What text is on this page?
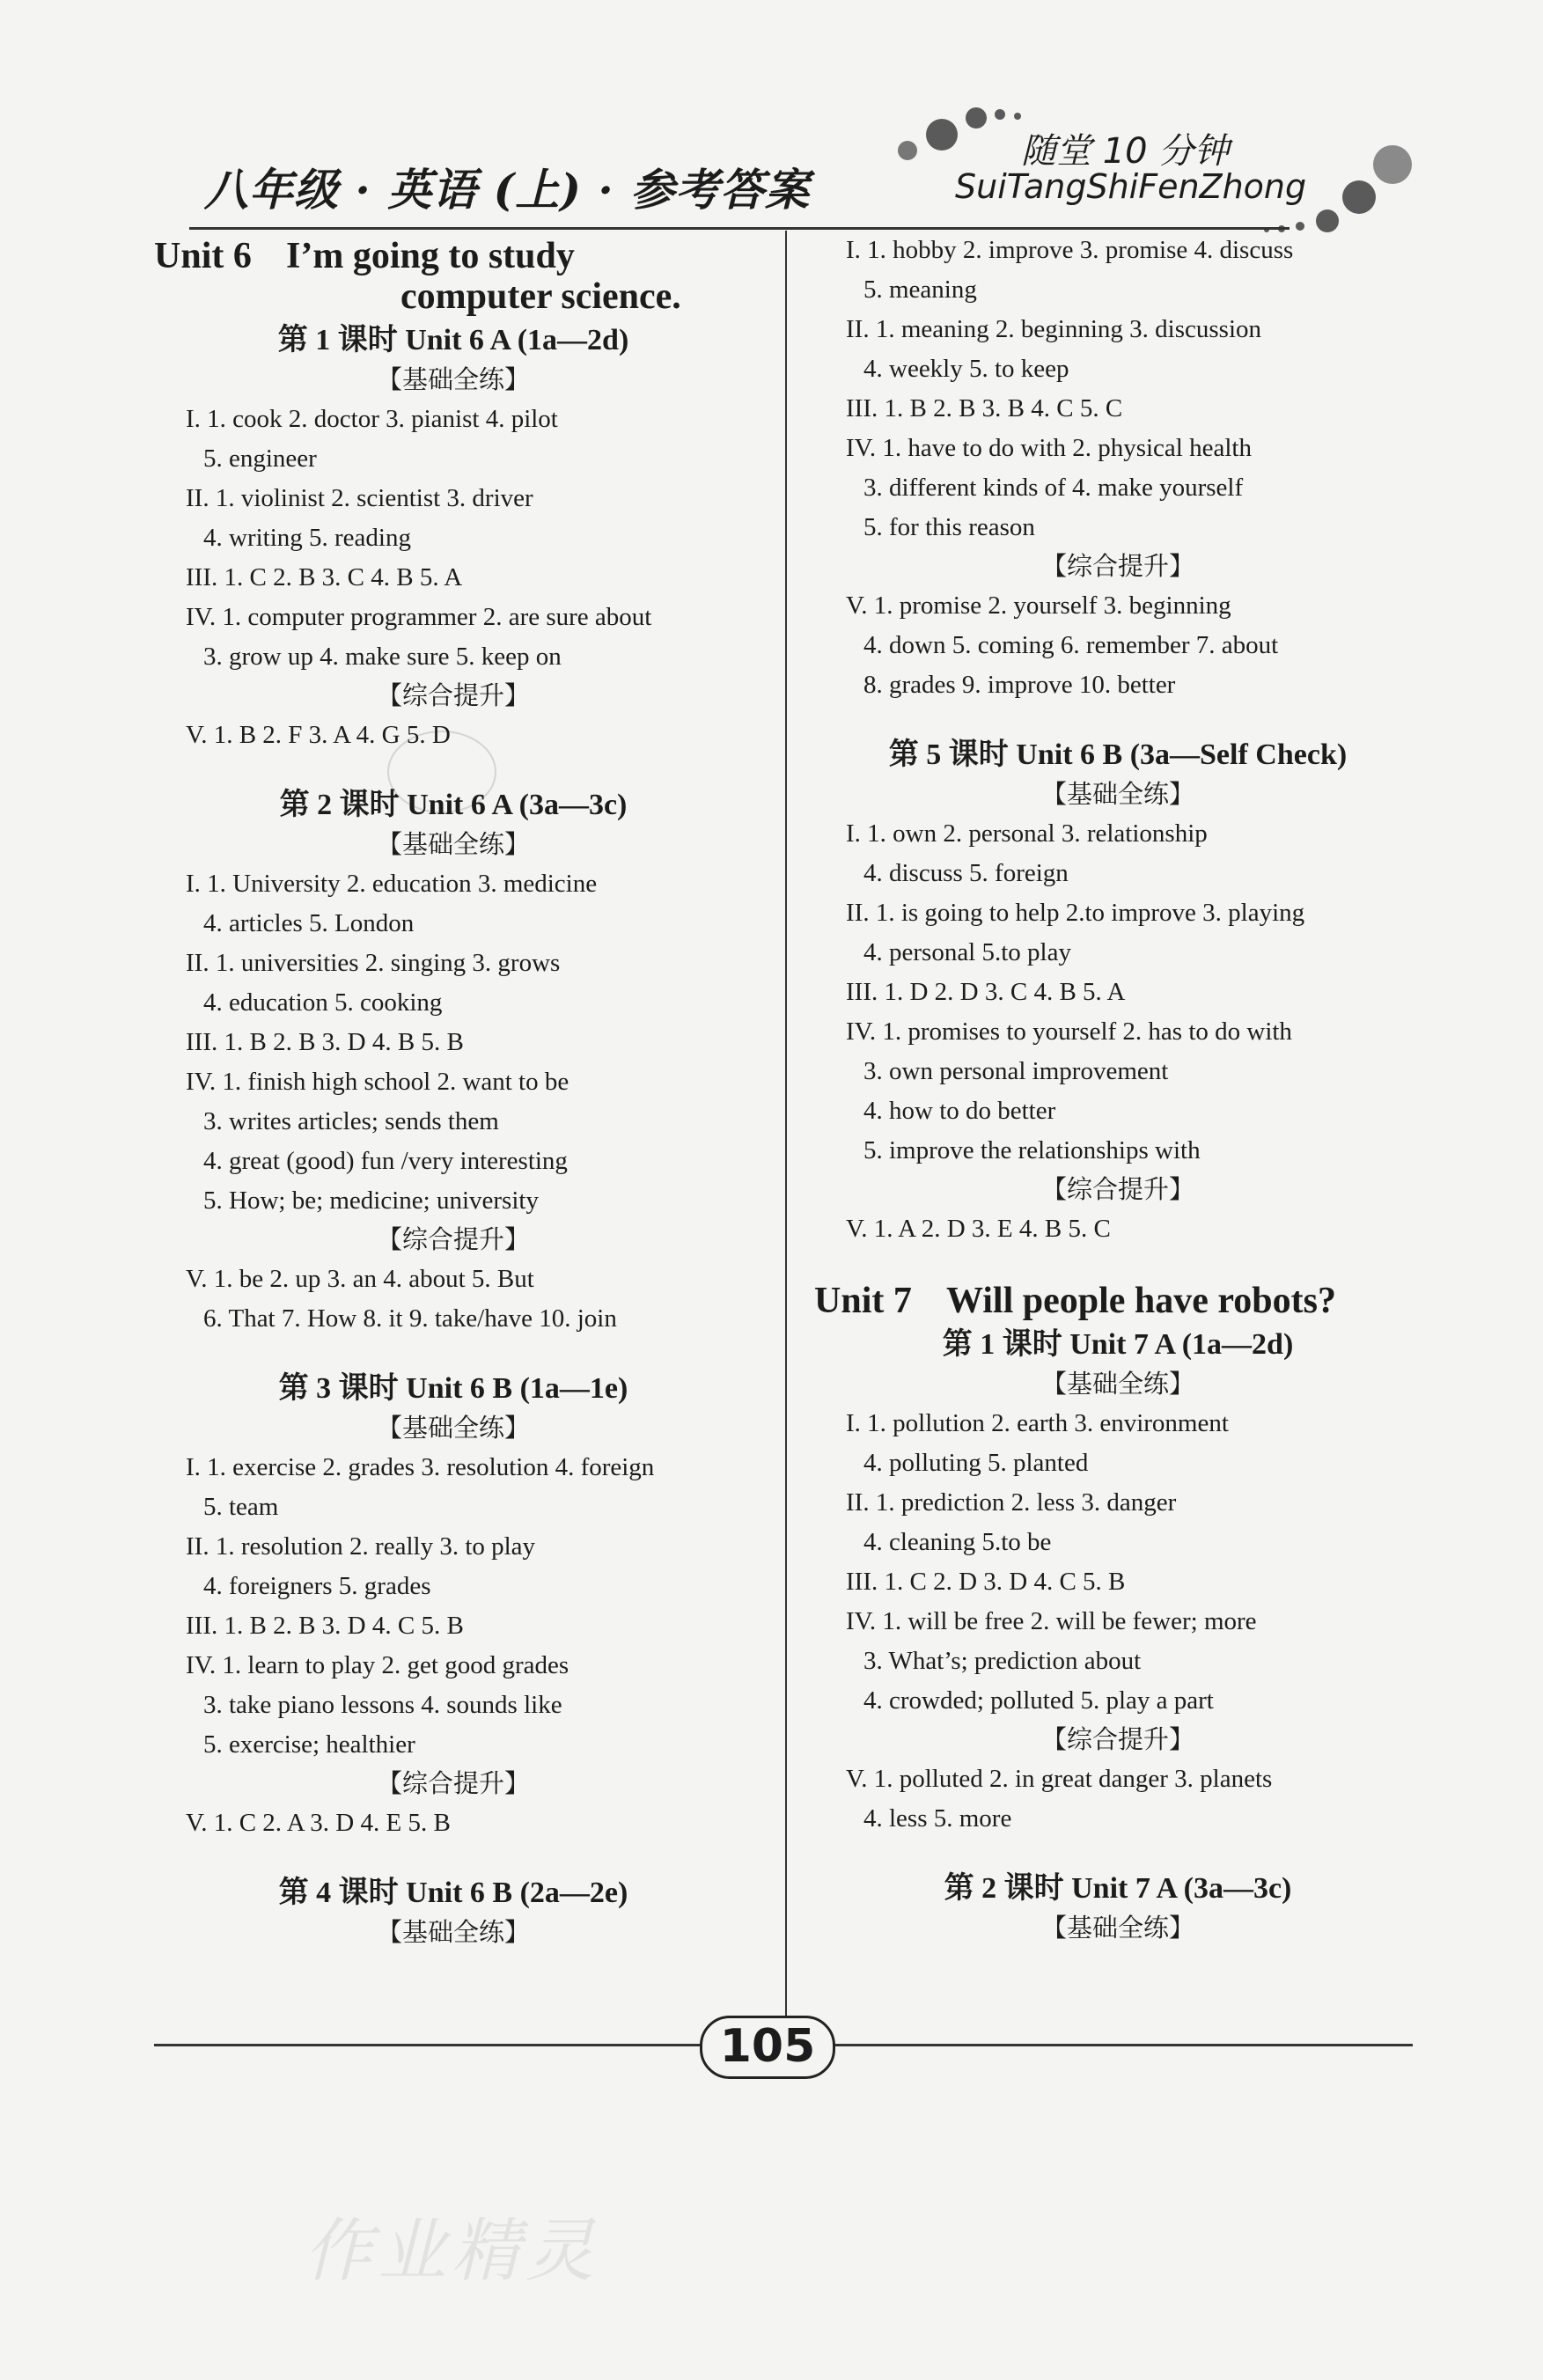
八年级 · 英语 (上) · 参考答案
随堂 10 分钟
SuiTangShiFenZhong
Unit 6 I’m going to study
computer science.
第 1 课时 Unit 6 A (1a—2d)
【基础全练】
I. 1. cook 2. doctor 3. pianist 4. pilot
5. engineer
II. 1. violinist 2. scientist 3. driver
4. writing 5. reading
III. 1. C 2. B 3. C 4. B 5. A
IV. 1. computer programmer 2. are sure about
3. grow up 4. make sure 5. keep on
【综合提升】
V. 1. B 2. F 3. A 4. G 5. D
第 2 课时 Unit 6 A (3a—3c)
【基础全练】
I. 1. University 2. education 3. medicine
4. articles 5. London
II. 1. universities 2. singing 3. grows
4. education 5. cooking
III. 1. B 2. B 3. D 4. B 5. B
IV. 1. finish high school 2. want to be
3. writes articles; sends them
4. great (good) fun /very interesting
5. How; be; medicine; university
【综合提升】
V. 1. be 2. up 3. an 4. about 5. But
6. That 7. How 8. it 9. take/have 10. join
第 3 课时 Unit 6 B (1a—1e)
【基础全练】
I. 1. exercise 2. grades 3. resolution 4. foreign
5. team
II. 1. resolution 2. really 3. to play
4. foreigners 5. grades
III. 1. B 2. B 3. D 4. C 5. B
IV. 1. learn to play 2. get good grades
3. take piano lessons 4. sounds like
5. exercise; healthier
【综合提升】
V. 1. C 2. A 3. D 4. E 5. B
第 4 课时 Unit 6 B (2a—2e)
【基础全练】
I. 1. hobby 2. improve 3. promise 4. discuss
5. meaning
II. 1. meaning 2. beginning 3. discussion
4. weekly 5. to keep
III. 1. B 2. B 3. B 4. C 5. C
IV. 1. have to do with 2. physical health
3. different kinds of 4. make yourself
5. for this reason
【综合提升】
V. 1. promise 2. yourself 3. beginning
4. down 5. coming 6. remember 7. about
8. grades 9. improve 10. better
第 5 课时 Unit 6 B (3a—Self Check)
【基础全练】
I. 1. own 2. personal 3. relationship
4. discuss 5. foreign
II. 1. is going to help 2.to improve 3. playing
4. personal 5.to play
III. 1. D 2. D 3. C 4. B 5. A
IV. 1. promises to yourself 2. has to do with
3. own personal improvement
4. how to do better
5. improve the relationships with
【综合提升】
V. 1. A 2. D 3. E 4. B 5. C
Unit 7 Will people have robots?
第 1 课时 Unit 7 A (1a—2d)
【基础全练】
I. 1. pollution 2. earth 3. environment
4. polluting 5. planted
II. 1. prediction 2. less 3. danger
4. cleaning 5.to be
III. 1. C 2. D 3. D 4. C 5. B
IV. 1. will be free 2. will be fewer; more
3. What’s; prediction about
4. crowded; polluted 5. play a part
【综合提升】
V. 1. polluted 2. in great danger 3. planets
4. less 5. more
第 2 课时 Unit 7 A (3a—3c)
【基础全练】
105
作业精灵
